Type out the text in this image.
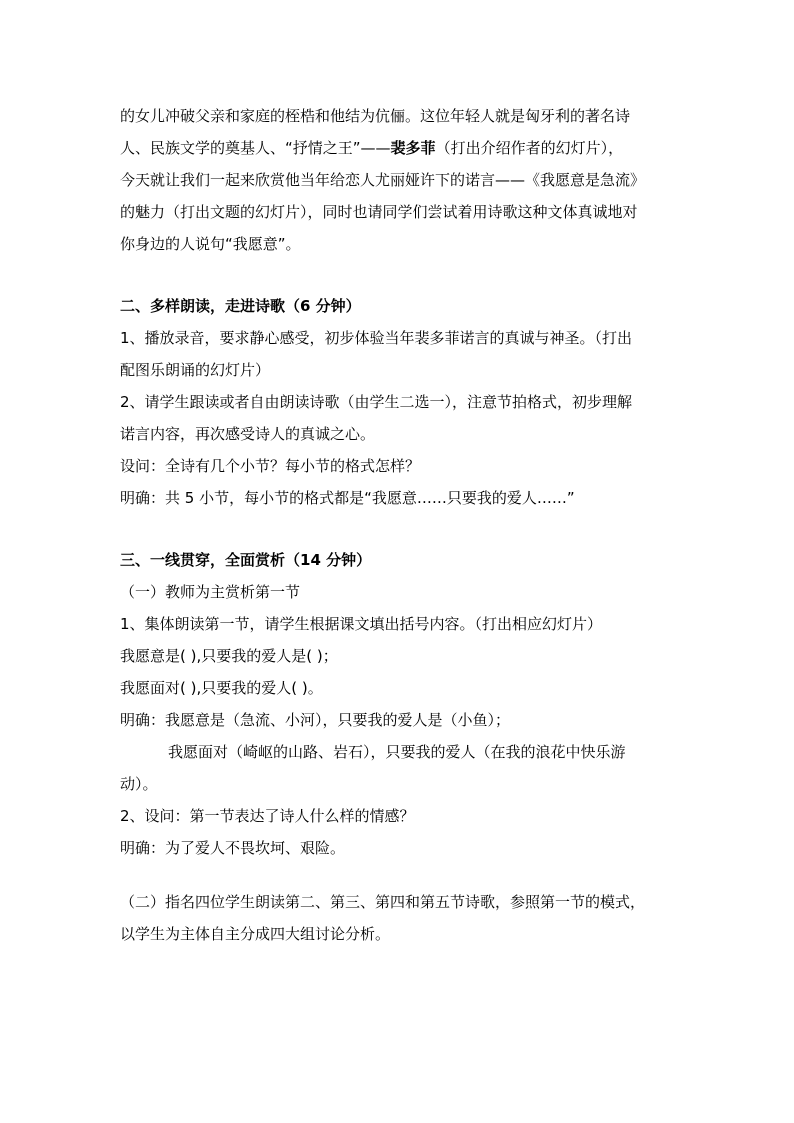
的女儿冲破父亲和家庭的桎梏和他结为伉俪。这位年轻人就是匈牙利的著名诗
人、民族文学的奠基人、“抒情之王”——裴多菲（打出介绍作者的幻灯片），
今天就让我们一起来欣赏他当年给恋人尤丽娅许下的诺言——《我愿意是急流》
的魅力（打出文题的幻灯片），同时也请同学们尝试着用诗歌这种文体真诚地对
你身边的人说句“我愿意”。
二、多样朗读，走进诗歌（6 分钟）
1、播放录音，要求静心感受，初步体验当年裴多菲诺言的真诚与神圣。（打出
配图乐朗诵的幻灯片）
2、请学生跟读或者自由朗读诗歌（由学生二选一），注意节拍格式，初步理解
诺言内容，再次感受诗人的真诚之心。
设问：全诗有几个小节？每小节的格式怎样？
明确：共 5 小节，每小节的格式都是“我愿意……只要我的爱人……”
三、一线贯穿，全面赏析（14 分钟）
（一）教师为主赏析第一节
1、集体朗读第一节，请学生根据课文填出括号内容。（打出相应幻灯片）
我愿意是( ),只要我的爱人是( )；
我愿面对( ),只要我的爱人( )。
明确：我愿意是（急流、小河），只要我的爱人是（小鱼）；
我愿面对（崎岖的山路、岩石），只要我的爱人（在我的浪花中快乐游
动）。
2、设问：第一节表达了诗人什么样的情感？
明确：为了爱人不畏坎坷、艰险。
（二）指名四位学生朗读第二、第三、第四和第五节诗歌，参照第一节的模式，
以学生为主体自主分成四大组讨论分析。
